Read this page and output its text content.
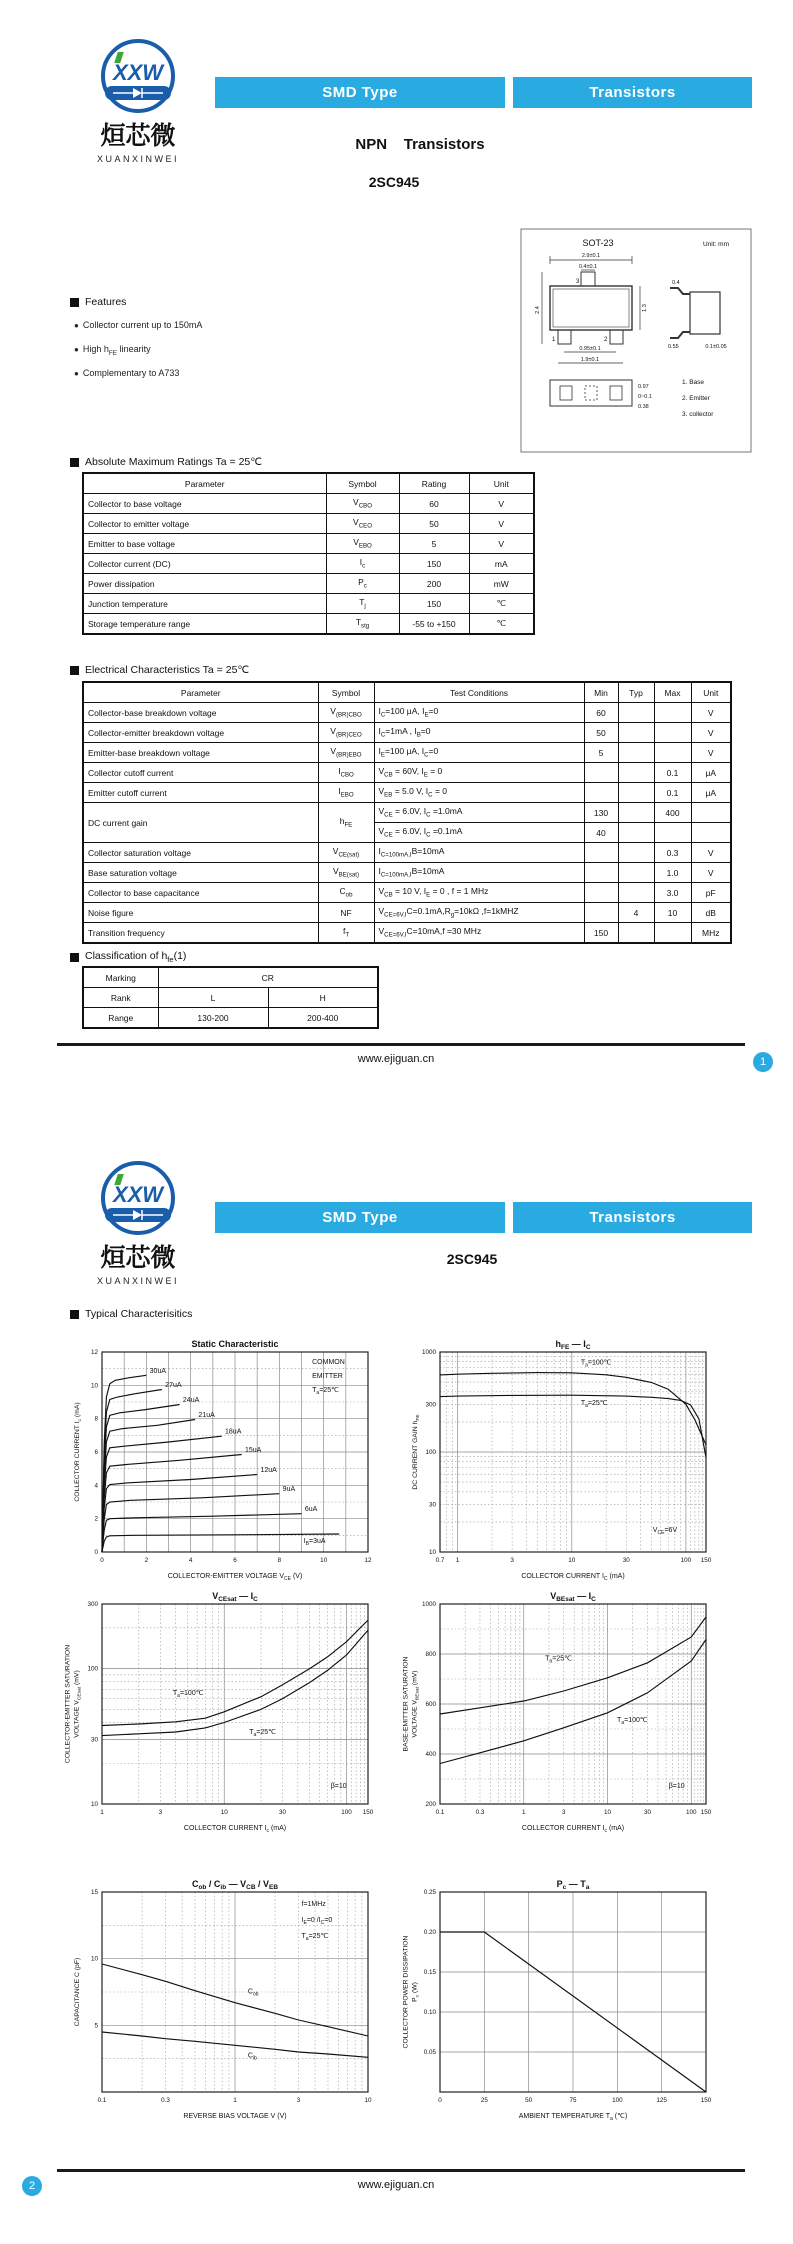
XXW
烜芯微
XUANXINWEI
SMD Type	Transistors
NPN    Transistors
2SC945
SOT-23	Unit: mm
2.9±0.1
0.4±0.1
3
1	2
2.4	1.3
0.95±0.1
1.9±0.1
0.4
0.55	0.1±0.05
0.97
0~0.1
0.38
1. Base
2. Emitter
3. collector
Features
● Collector current up to 150mA
● High $h_{FE}$ linearity
● Complementary to A733
Absolute Maximum Ratings Ta = 25℃
Parameter	Symbol	Rating	Unit
Collector to base voltage	$V_{CBO}$	60	V
Collector to emitter voltage	$V_{CEO}$	50	V
Emitter to base voltage	$V_{EBO}$	5	V
Collector current (DC)	$I_c$	150	mA
Power dissipation	$P_c$	200	mW
Junction temperature	$T_j$	150	℃
Storage temperature range	$T_{stg}$	-55 to +150	℃
Electrical Characteristics Ta = 25℃
Parameter	Symbol	Test Conditions	Min	Typ	Max	Unit
Collector-base breakdown voltage	$V_{(BR)CBO}$	$I_C=100$ μA, $I_E=0$	60			V
Collector-emitter breakdown voltage	$V_{(BR)CEO}$	$I_C=1mA$ , $I_B=0$	50			V
Emitter-base breakdown voltage	$V_{(BR)EBO}$	$I_E=100$ μA, $I_C=0$	5			V
Collector cutoff current	$I_{CBO}$	$V_{CB} = 60V$, $I_E = 0$			0.1	μA
Emitter cutoff current	$I_{EBO}$	$V_{EB} = 5.0$ V, $I_C = 0$			0.1	μA
DC current gain	$h_{FE}$	$V_{CE} = 6.0V$, $I_C =1.0mA$	130		400	
		$V_{CE} = 6.0V$, $I_C =0.1mA$	40			
Collector saturation voltage	$V_{CE(sat)}$	$I_{C=100mA,I}B=10mA$			0.3	V
Base saturation voltage	$V_{BE(sat)}$	$I_{C=100mA,I}B=10mA$			1.0	V
Collector to base capacitance	$C_{ob}$	$V_{CB} = 10$ V, $I_E = 0$ , f = 1 MHz			3.0	pF
Noise figure	NF	$V_{CE=6V,I}C=0.1mA,R_g=10k\Omega$ ,f=1kMHZ		4	10	dB
Transition frequency	$f_T$	$V_{CE=6V,I}C=10mA,f =30$ MHz	150			MHz
Classification of $h_{fe}(1)$
Marking	CR	
Rank	L	H
Range	130-200	200-400
www.ejiguan.cn	1
XXW
烜芯微
XUANXINWEI
SMD Type	Transistors
2SC945
Typical Characterisitics
30uA
27uA
24uA
21uA
18uA
15uA
12uA
9uA
6uA
$I_B=3uA$
COMMON
EMITTER
$T_a=25℃$
0	2	4	6	8	10	12
0
2
4
6
8
10
12
Static Characteristic
COLLECTOR-EMITTER VOLTAGE $V_{CE}$ (V)
COLLECTOR CURRENT $I_c$ (mA)
$T_a=100℃$
$T_a=25℃$
$V_{CE}=6V$
0.7 1	3	10	30	100 150
10
30
100
300
1000
$h_{FE}$ — $I_C$
COLLECTOR CURRENT $I_C$ (mA)
DC CURRENT GAIN $h_{FE}$
$T_a=100℃$
$T_a=25℃$
β=10
1	3	10	30	100 150
10
30
100
300
$V_{CEsat}$ — $I_C$
COLLECTOR CURRENT $I_c$ (mA)
COLLECTOR-EMITTER SATURATION VOLTAGE $V_{CEsat}$ (mV)
$T_a=25℃$
$T_a=100℃$
β=10
0.1	0.3	1	3	10	30	100 150
200
400
600
800
1000
$V_{BEsat}$ — $I_C$
COLLECTOR CURRENT $I_c$ (mA)
BASE-EMITTER SATURATION VOLTAGE $V_{BEsat}$ (mV)
$C_{ob}$
$C_{ib}$
f=1MHz
$I_E=0$ $/I_C=0$
$T_a=25℃$
0.1	0.3	1	3	10
5
10
15
$C_{ob} / C_{ib}$ — $V_{CB} / V_{EB}$
REVERSE BIAS VOLTAGE V (V)
CAPACITANCE C (pF)
0	25	50	75	100	125	150
0.05
0.10
0.15
0.20
0.25
$P_c$ — $T_a$
AMBIENT TEMPERATURE $T_a$ (℃)
COLLECTOR POWER DISSIPATION $P_c$ (W)
2	www.ejiguan.cn
